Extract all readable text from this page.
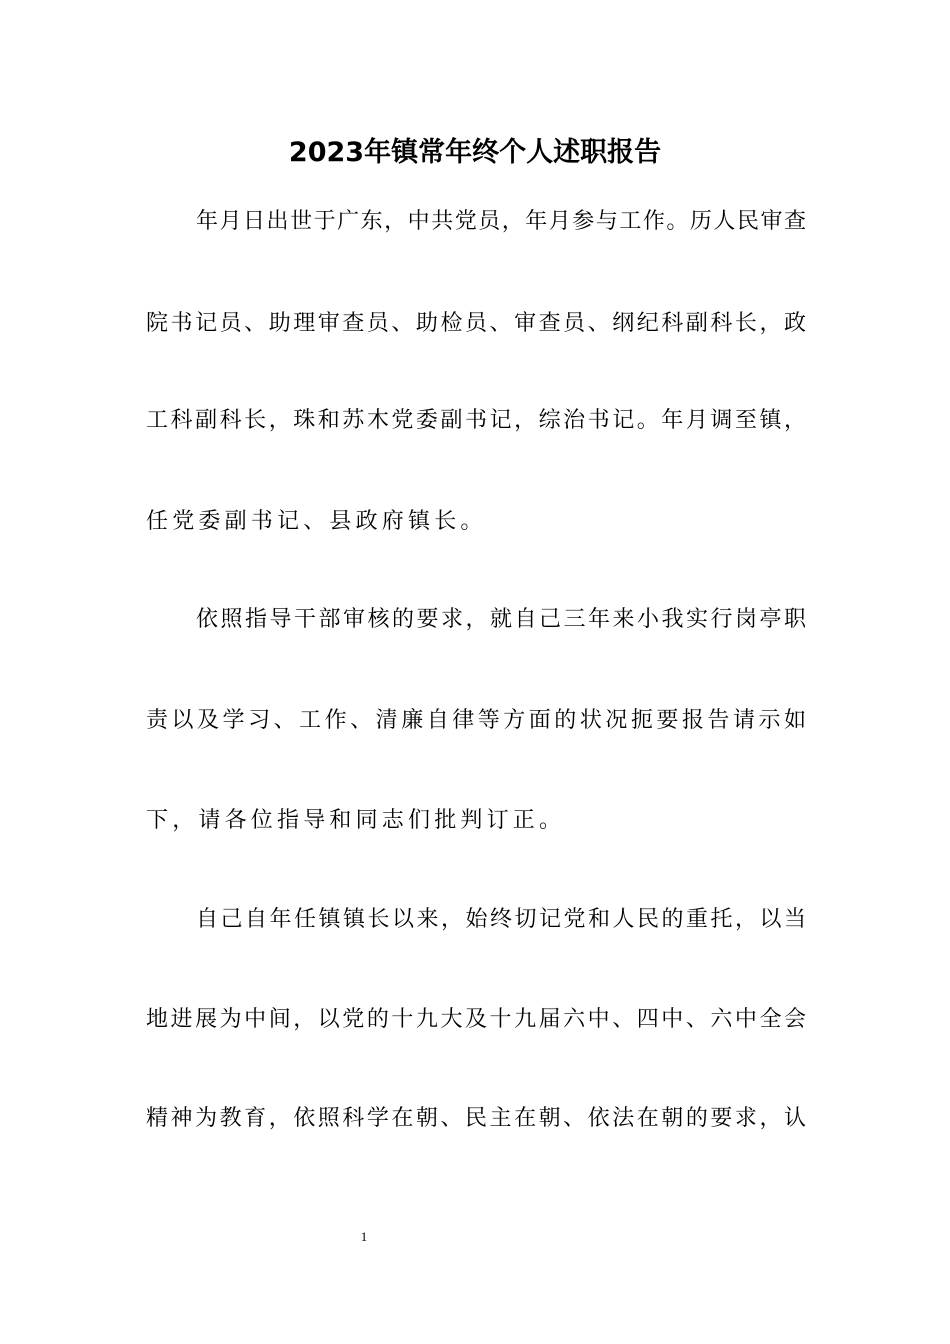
2023年镇常年终个人述职报告
年月日出世于广东，中共党员，年月参与工作。历人民审查
院书记员、助理审查员、助检员、审查员、纲纪科副科长，政
工科副科长，珠和苏木党委副书记，综治书记。年月调至镇，
任党委副书记、县政府镇长。
依照指导干部审核的要求，就自己三年来小我实行岗亭职
责以及学习、工作、清廉自律等方面的状况扼要报告请示如
下，请各位指导和同志们批判订正。
自己自年任镇镇长以来，始终切记党和人民的重托，以当
地进展为中间，以党的十九大及十九届六中、四中、六中全会
精神为教育，依照科学在朝、民主在朝、依法在朝的要求，认
1
